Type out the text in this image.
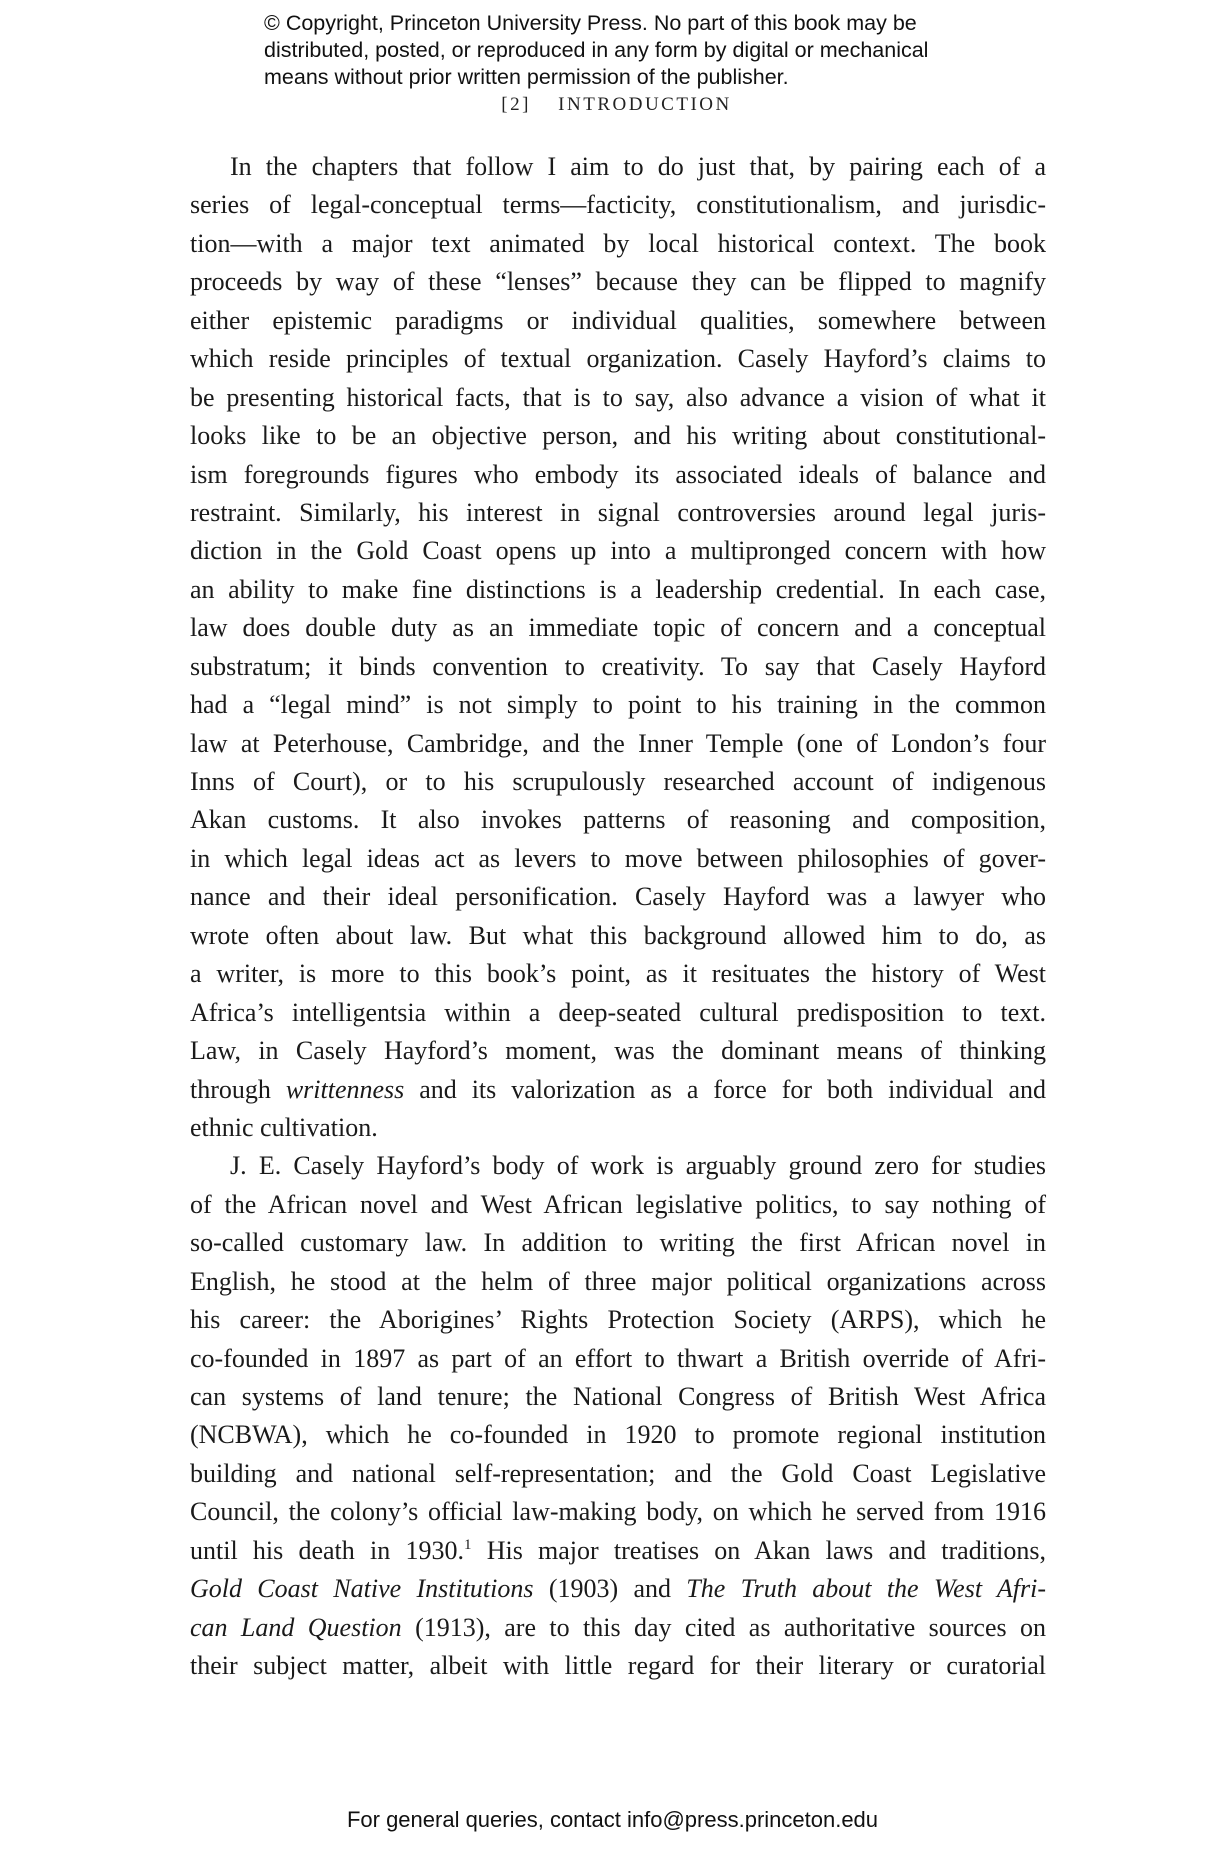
© Copyright, Princeton University Press. No part of this book may be
distributed, posted, or reproduced in any form by digital or mechanical
means without prior written permission of the publisher.
[2] INTRODUCTION
In the chapters that follow I aim to do just that, by pairing each of a
series of legal-conceptual terms—facticity, constitutionalism, and jurisdic-
tion—with a major text animated by local historical context. The book
proceeds by way of these “lenses” because they can be flipped to magnify
either epistemic paradigms or individual qualities, somewhere between
which reside principles of textual organization. Casely Hayford’s claims to
be presenting historical facts, that is to say, also advance a vision of what it
looks like to be an objective person, and his writing about constitutional-
ism foregrounds figures who embody its associated ideals of balance and
restraint. Similarly, his interest in signal controversies around legal juris-
diction in the Gold Coast opens up into a multipronged concern with how
an ability to make fine distinctions is a leadership credential. In each case,
law does double duty as an immediate topic of concern and a conceptual
substratum; it binds convention to creativity. To say that Casely Hayford
had a “legal mind” is not simply to point to his training in the common
law at Peterhouse, Cambridge, and the Inner Temple (one of London’s four
Inns of Court), or to his scrupulously researched account of indigenous
Akan customs. It also invokes patterns of reasoning and composition,
in which legal ideas act as levers to move between philosophies of gover-
nance and their ideal personification. Casely Hayford was a lawyer who
wrote often about law. But what this background allowed him to do, as
a writer, is more to this book’s point, as it resituates the history of West
Africa’s intelligentsia within a deep-seated cultural predisposition to text.
Law, in Casely Hayford’s moment, was the dominant means of thinking
through writtenness and its valorization as a force for both individual and
ethnic cultivation.
J. E. Casely Hayford’s body of work is arguably ground zero for studies
of the African novel and West African legislative politics, to say nothing of
so-called customary law. In addition to writing the first African novel in
English, he stood at the helm of three major political organizations across
his career: the Aborigines’ Rights Protection Society (ARPS), which he
co-founded in 1897 as part of an effort to thwart a British override of Afri-
can systems of land tenure; the National Congress of British West Africa
(NCBWA), which he co-founded in 1920 to promote regional institution
building and national self-representation; and the Gold Coast Legislative
Council, the colony’s official law-making body, on which he served from 1916
until his death in 1930.$^1$ His major treatises on Akan laws and traditions,
Gold Coast Native Institutions (1903) and The Truth about the West Afri-
can Land Question (1913), are to this day cited as authoritative sources on
their subject matter, albeit with little regard for their literary or curatorial
For general queries, contact info@press.princeton.edu
